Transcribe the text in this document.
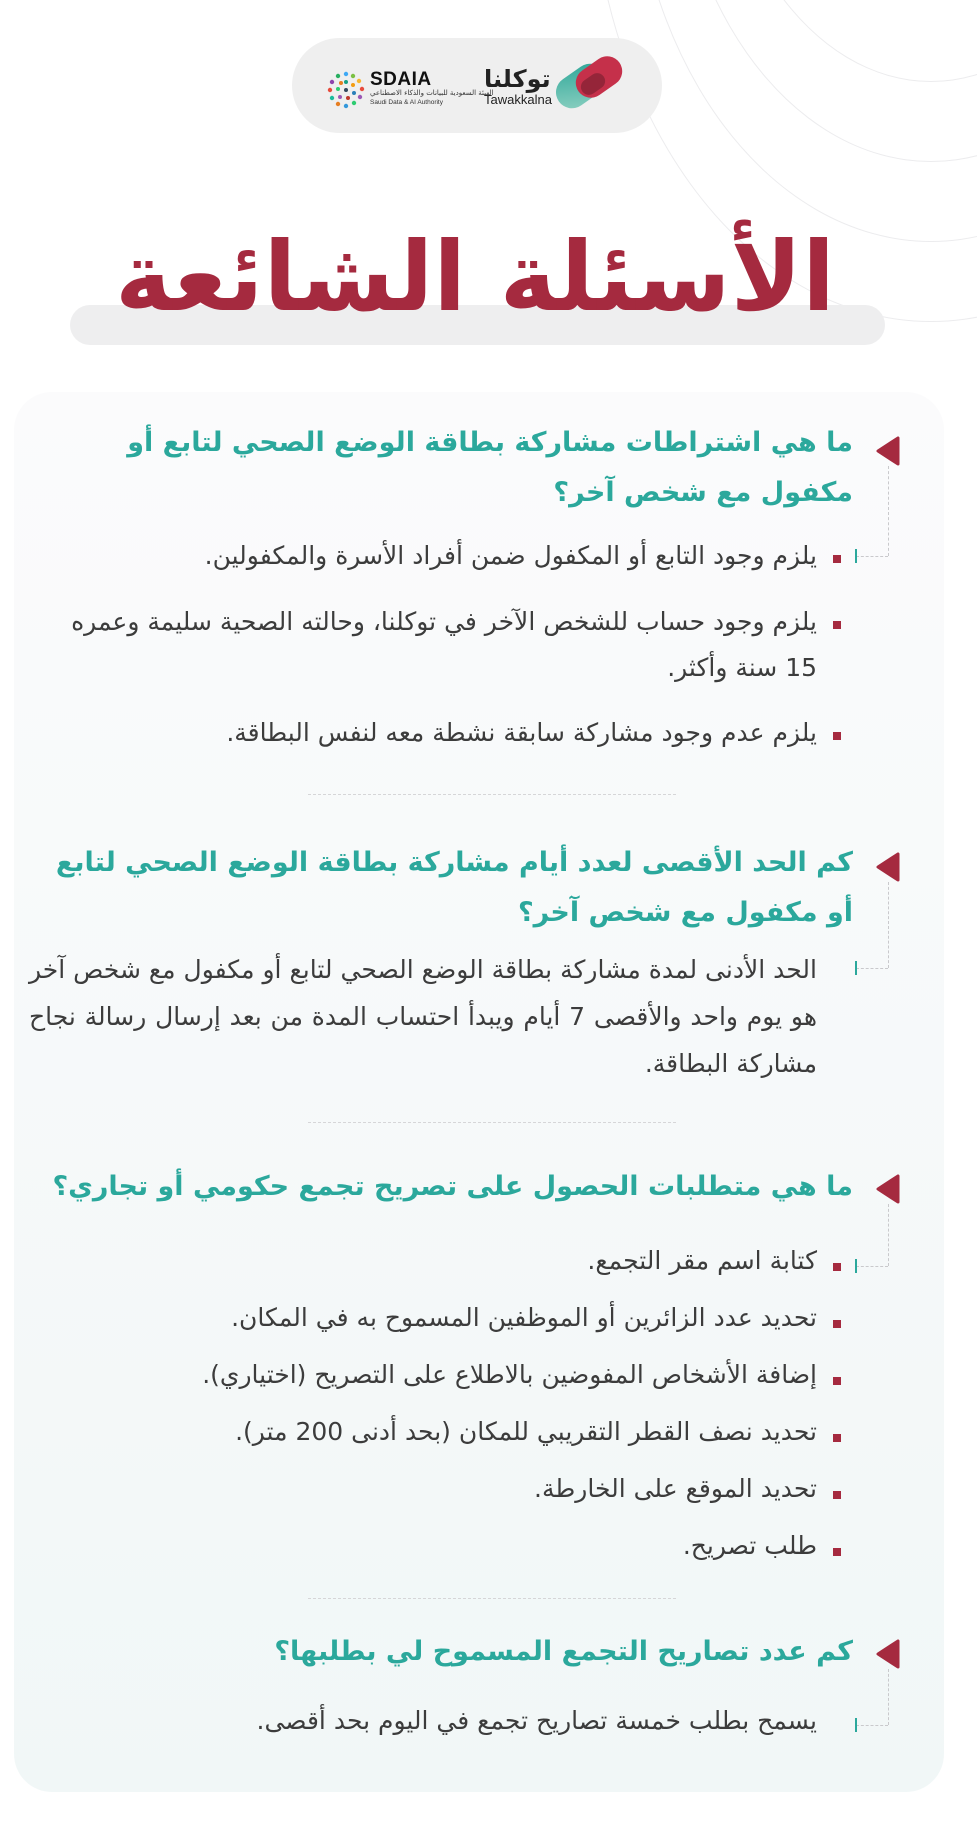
توكلنا
Tawakkalna
SDAIA
الهيئة السعودية للبيانات والذكاء الاصطناعي
Saudi Data & AI Authority
الأسئلة الشائعة
ما هي اشتراطات مشاركة بطاقة الوضع الصحي لتابع أو مكفول مع شخص آخر؟
يلزم وجود التابع أو المكفول ضمن أفراد الأسرة والمكفولين.
يلزم وجود حساب للشخص الآخر في توكلنا، وحالته الصحية سليمة وعمره 15 سنة وأكثر.
يلزم عدم وجود مشاركة سابقة نشطة معه لنفس البطاقة.
كم الحد الأقصى لعدد أيام مشاركة بطاقة الوضع الصحي لتابع أو مكفول مع شخص آخر؟
الحد الأدنى لمدة مشاركة بطاقة الوضع الصحي لتابع أو مكفول مع شخص آخر هو يوم واحد والأقصى 7 أيام ويبدأ احتساب المدة من بعد إرسال رسالة نجاح مشاركة البطاقة.
ما هي متطلبات الحصول على تصريح تجمع حكومي أو تجاري؟
كتابة اسم مقر التجمع.
تحديد عدد الزائرين أو الموظفين المسموح به في المكان.
إضافة الأشخاص المفوضين بالاطلاع على التصريح (اختياري).
تحديد نصف القطر التقريبي للمكان (بحد أدنى 200 متر).
تحديد الموقع على الخارطة.
طلب تصريح.
كم عدد تصاريح التجمع المسموح لي بطلبها؟
يسمح بطلب خمسة تصاريح تجمع في اليوم بحد أقصى.
